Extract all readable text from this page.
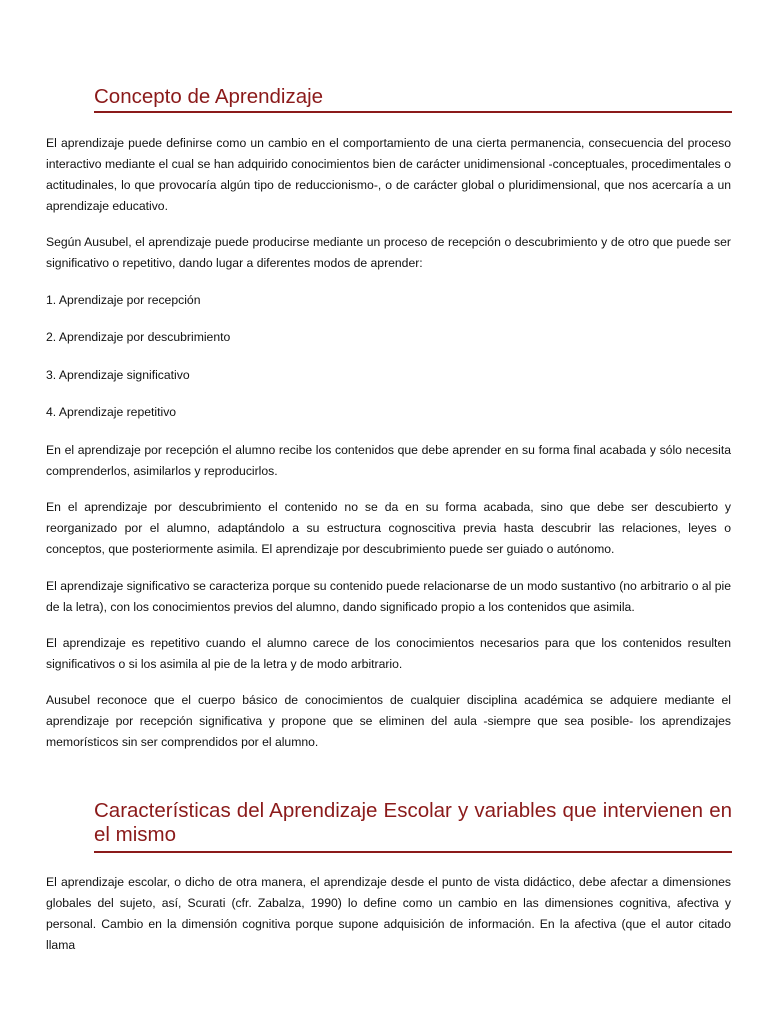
Concepto de Aprendizaje

El aprendizaje puede definirse como un cambio en el comportamiento de una cierta permanencia, consecuencia del proceso interactivo mediante el cual se han adquirido conocimientos bien de carácter unidimensional -conceptuales, procedimentales o actitudinales, lo que provocaría algún tipo de reduccionismo-, o de carácter global o pluridimensional, que nos acercaría a un aprendizaje educativo.

Según Ausubel, el aprendizaje puede producirse mediante un proceso de recepción o descubrimiento y de otro que puede ser significativo o repetitivo, dando lugar a diferentes modos de aprender:

1. Aprendizaje por recepción

2. Aprendizaje por descubrimiento

3. Aprendizaje significativo

4. Aprendizaje repetitivo

En el aprendizaje por recepción el alumno recibe los contenidos que debe aprender en su forma final acabada y sólo necesita comprenderlos, asimilarlos y reproducirlos.

En el aprendizaje por descubrimiento el contenido no se da en su forma acabada, sino que debe ser descubierto y reorganizado por el alumno, adaptándolo a su estructura cognoscitiva previa hasta descubrir las relaciones, leyes o conceptos, que posteriormente asimila. El aprendizaje por descubrimiento puede ser guiado o autónomo.

El aprendizaje significativo se caracteriza porque su contenido puede relacionarse de un modo sustantivo (no arbitrario o al pie de la letra), con los conocimientos previos del alumno, dando significado propio a los contenidos que asimila.

El aprendizaje es repetitivo cuando el alumno carece de los conocimientos necesarios para que los contenidos resulten significativos o si los asimila al pie de la letra y de modo arbitrario.

Ausubel reconoce que el cuerpo básico de conocimientos de cualquier disciplina académica se adquiere mediante el aprendizaje por recepción significativa y propone que se eliminen del aula -siempre que sea posible- los aprendizajes memorísticos sin ser comprendidos por el alumno.

Características del Aprendizaje Escolar y variables que intervienen en el mismo

El aprendizaje escolar, o dicho de otra manera, el aprendizaje desde el punto de vista didáctico, debe afectar a dimensiones globales del sujeto, así, Scurati (cfr. Zabalza, 1990) lo define como un cambio en las dimensiones cognitiva, afectiva y personal. Cambio en la dimensión cognitiva porque supone adquisición de información. En la afectiva (que el autor citado llama
